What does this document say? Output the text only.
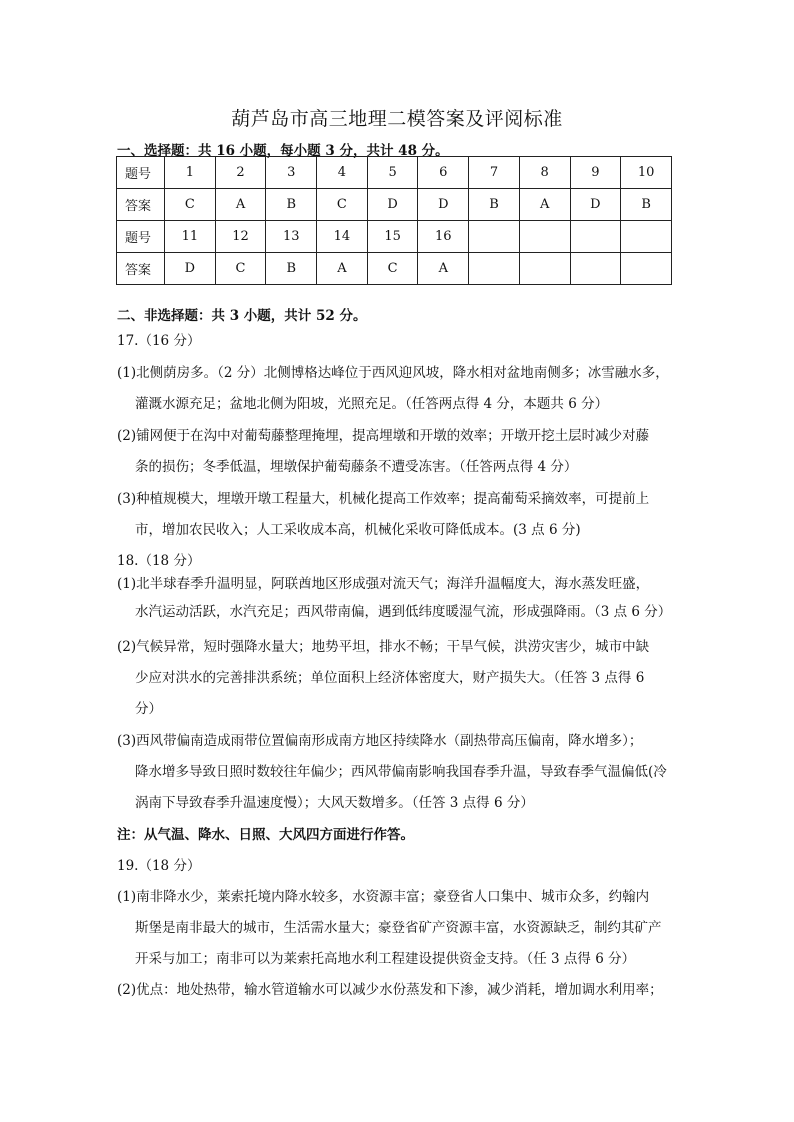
葫芦岛市高三地理二模答案及评阅标准
一、选择题：共 16 小题，每小题 3 分，共计 48 分。
题号	1	2	3	4	5	6	7	8	9	10
答案	C	A	B	C	D	D	B	A	D	B
题号	11	12	13	14	15	16				
答案	D	C	B	A	C	A				
二、非选择题：共 3 小题，共计 52 分。
17.（16 分）
(1)北侧荫房多。（2 分）北侧博格达峰位于西风迎风坡，降水相对盆地南侧多；冰雪融水多，
灌溉水源充足；盆地北侧为阳坡，光照充足。（任答两点得 4 分，本题共 6 分）
(2)铺网便于在沟中对葡萄藤整理掩埋，提高埋墩和开墩的效率；开墩开挖土层时减少对藤
条的损伤；冬季低温，埋墩保护葡萄藤条不遭受冻害。（任答两点得 4 分）
(3)种植规模大，埋墩开墩工程量大，机械化提高工作效率；提高葡萄采摘效率，可提前上
市，增加农民收入；人工采收成本高，机械化采收可降低成本。(3 点 6 分)
18.（18 分）
(1)北半球春季升温明显，阿联酋地区形成强对流天气；海洋升温幅度大，海水蒸发旺盛，
水汽运动活跃，水汽充足；西风带南偏，遇到低纬度暖湿气流，形成强降雨。（3 点 6 分）
(2)气候异常，短时强降水量大；地势平坦，排水不畅；干旱气候，洪涝灾害少，城市中缺
少应对洪水的完善排洪系统；单位面积上经济体密度大，财产损失大。（任答 3 点得 6
分）
(3)西风带偏南造成雨带位置偏南形成南方地区持续降水（副热带高压偏南，降水增多）；
降水增多导致日照时数较往年偏少；西风带偏南影响我国春季升温，导致春季气温偏低(冷
涡南下导致春季升温速度慢）；大风天数增多。（任答 3 点得 6 分）
注：从气温、降水、日照、大风四方面进行作答。
19.（18 分）
(1)南非降水少，莱索托境内降水较多，水资源丰富；豪登省人口集中、城市众多，约翰内
斯堡是南非最大的城市，生活需水量大；豪登省矿产资源丰富，水资源缺乏，制约其矿产
开采与加工；南非可以为莱索托高地水利工程建设提供资金支持。（任 3 点得 6 分）
(2)优点：地处热带，输水管道输水可以减少水份蒸发和下渗，减少消耗，增加调水利用率；
